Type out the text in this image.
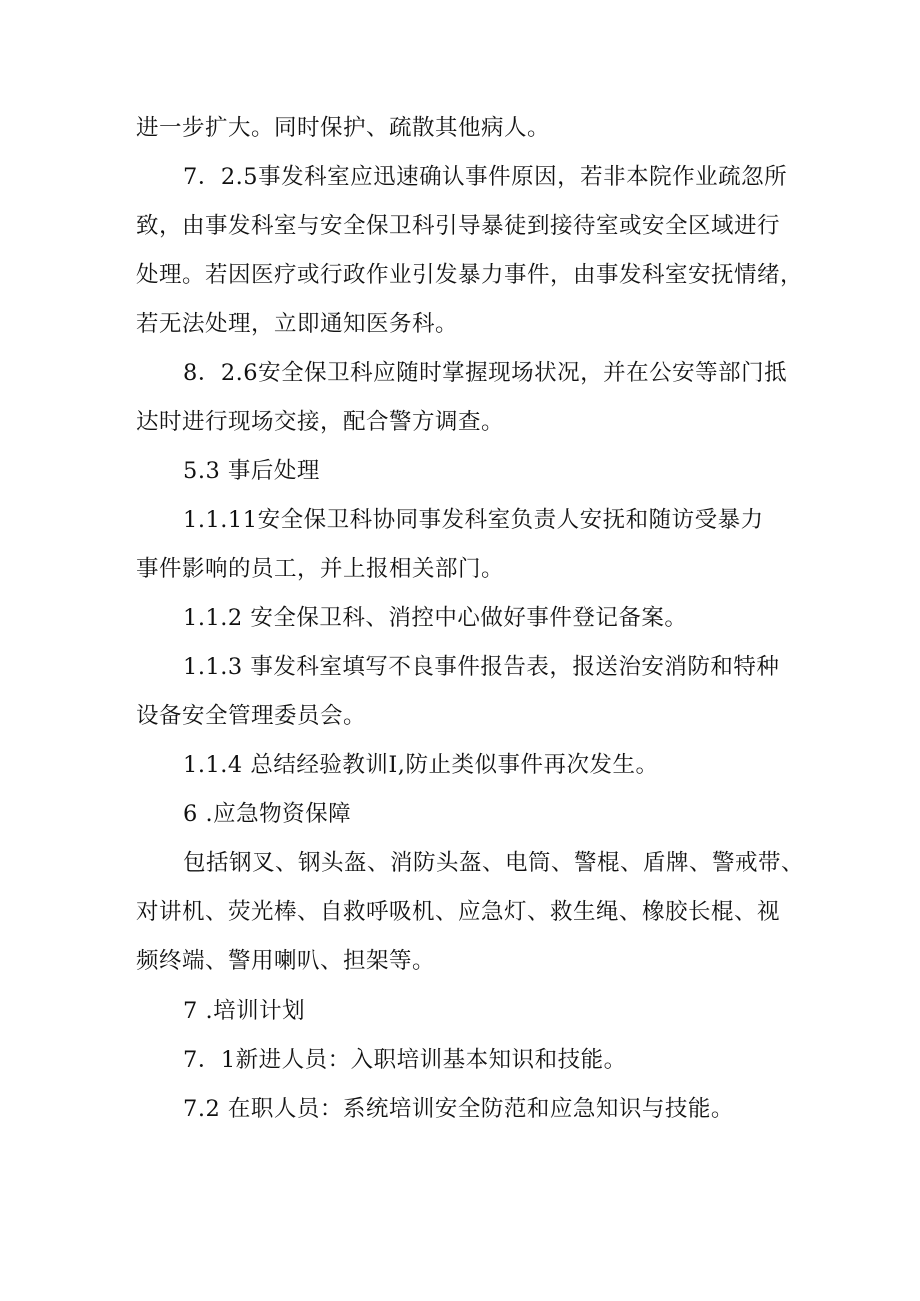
进一步扩大。同时保护、疏散其他病人。
7．2.5事发科室应迅速确认事件原因，若非本院作业疏忽所
致，由事发科室与安全保卫科引导暴徒到接待室或安全区域进行
处理。若因医疗或行政作业引发暴力事件，由事发科室安抚情绪，
若无法处理，立即通知医务科。
8．2.6安全保卫科应随时掌握现场状况，并在公安等部门抵
达时进行现场交接，配合警方调查。
5.3 事后处理
1.1.11安全保卫科协同事发科室负责人安抚和随访受暴力
事件影响的员工，并上报相关部门。
1.1.2 安全保卫科、消控中心做好事件登记备案。
1.1.3 事发科室填写不良事件报告表，报送治安消防和特种
设备安全管理委员会。
1.1.4 总结经验教训I,防止类似事件再次发生。
6 .应急物资保障
包括钢叉、钢头盔、消防头盔、电筒、警棍、盾牌、警戒带、
对讲机、荧光棒、自救呼吸机、应急灯、救生绳、橡胶长棍、视
频终端、警用喇叭、担架等。
7 .培训计划
7．1新进人员：入职培训基本知识和技能。
7.2 在职人员：系统培训安全防范和应急知识与技能。
